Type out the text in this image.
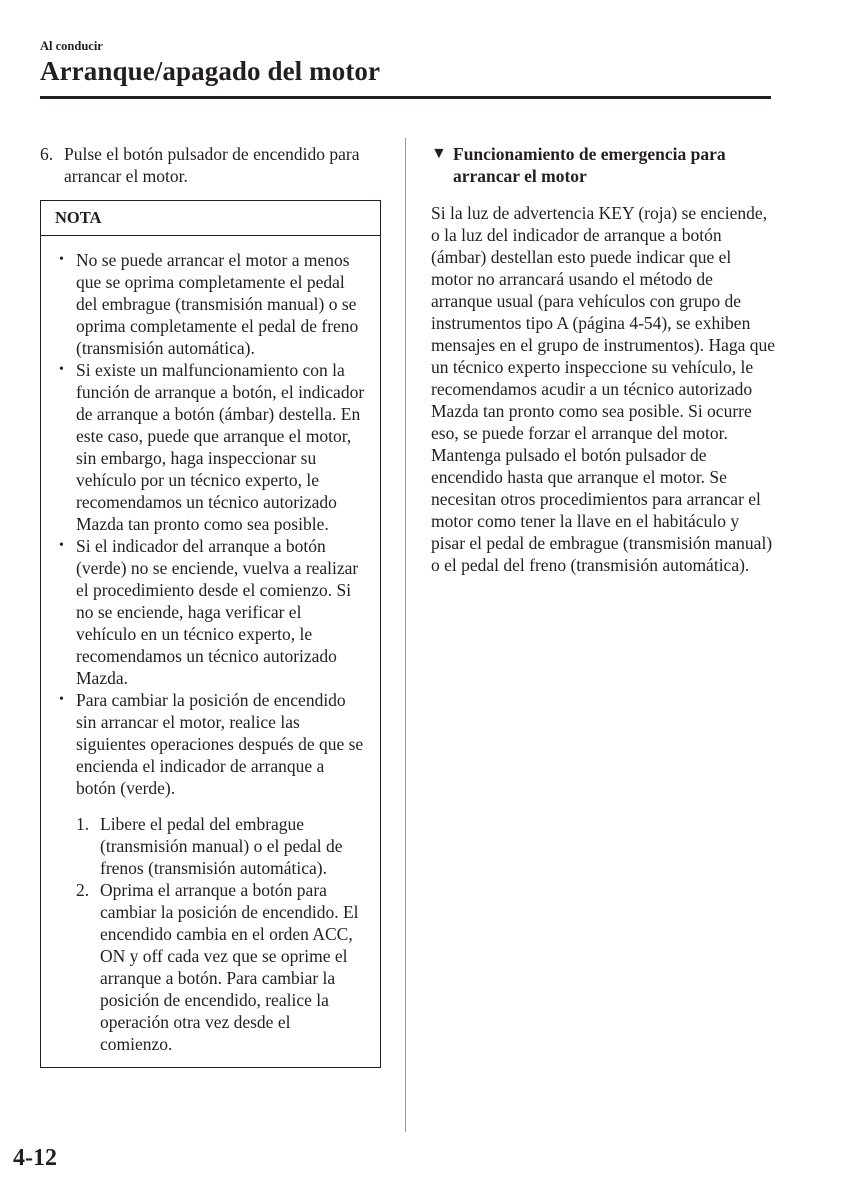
Al conducir
Arranque/apagado del motor
6. Pulse el botón pulsador de encendido para arrancar el motor.
NOTA
• No se puede arrancar el motor a menos que se oprima completamente el pedal del embrague (transmisión manual) o se oprima completamente el pedal de freno (transmisión automática).
• Si existe un malfuncionamiento con la función de arranque a botón, el indicador de arranque a botón (ámbar) destella. En este caso, puede que arranque el motor, sin embargo, haga inspeccionar su vehículo por un técnico experto, le recomendamos un técnico autorizado Mazda tan pronto como sea posible.
• Si el indicador del arranque a botón (verde) no se enciende, vuelva a realizar el procedimiento desde el comienzo. Si no se enciende, haga verificar el vehículo en un técnico experto, le recomendamos un técnico autorizado Mazda.
• Para cambiar la posición de encendido sin arrancar el motor, realice las siguientes operaciones después de que se encienda el indicador de arranque a botón (verde).
1. Libere el pedal del embrague (transmisión manual) o el pedal de frenos (transmisión automática).
2. Oprima el arranque a botón para cambiar la posición de encendido. El encendido cambia en el orden ACC, ON y off cada vez que se oprime el arranque a botón. Para cambiar la posición de encendido, realice la operación otra vez desde el comienzo.
▼ Funcionamiento de emergencia para arrancar el motor
Si la luz de advertencia KEY (roja) se enciende, o la luz del indicador de arranque a botón (ámbar) destellan esto puede indicar que el motor no arrancará usando el método de arranque usual (para vehículos con grupo de instrumentos tipo A (página 4-54), se exhiben mensajes en el grupo de instrumentos). Haga que un técnico experto inspeccione su vehículo, le recomendamos acudir a un técnico autorizado Mazda tan pronto como sea posible. Si ocurre eso, se puede forzar el arranque del motor. Mantenga pulsado el botón pulsador de encendido hasta que arranque el motor. Se necesitan otros procedimientos para arrancar el motor como tener la llave en el habitáculo y pisar el pedal de embrague (transmisión manual) o el pedal del freno (transmisión automática).
4-12
